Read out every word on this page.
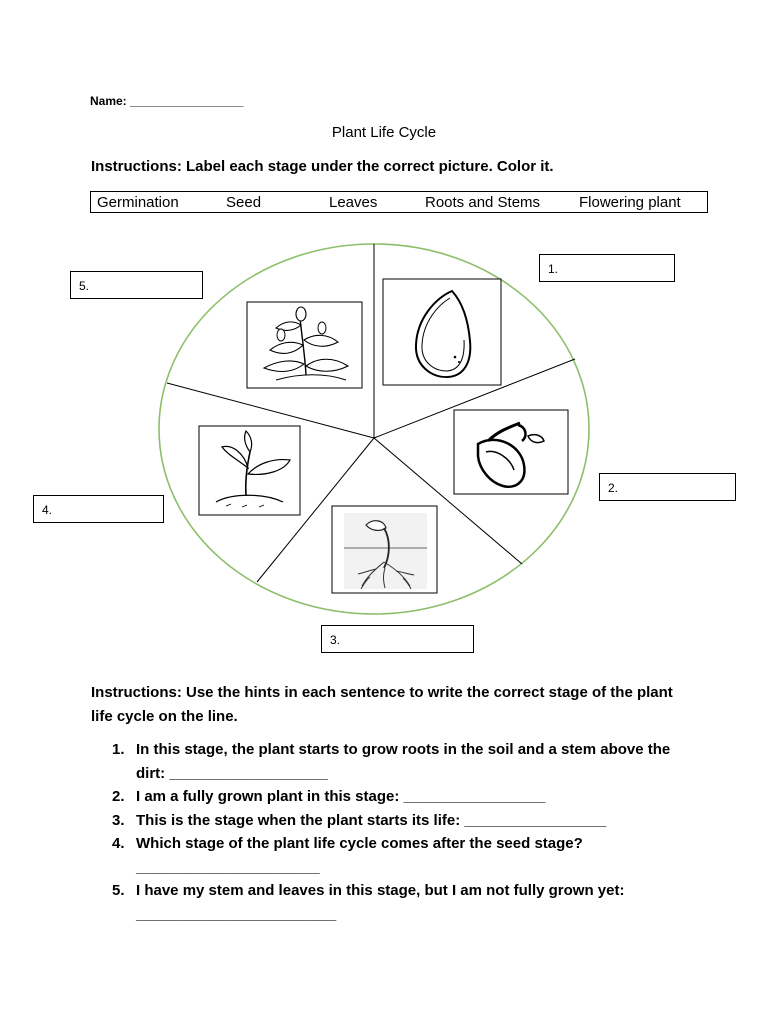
Name: _________________
Plant Life Cycle
Instructions: Label each stage under the correct picture. Color it.
Germination	Seed	Leaves	Roots and Stems	Flowering plant
1.
2.
3.
4.
5.
Instructions: Use the hints in each sentence to write the correct stage of the plant life cycle on the line.
1. In this stage, the plant starts to grow roots in the soil and a stem above the
dirt: ___________________
2. I am a fully grown plant in this stage: _________________
3. This is the stage when the plant starts its life: _________________
4. Which stage of the plant life cycle comes after the seed stage?
______________________
5. I have my stem and leaves in this stage, but I am not fully grown yet:
________________________
